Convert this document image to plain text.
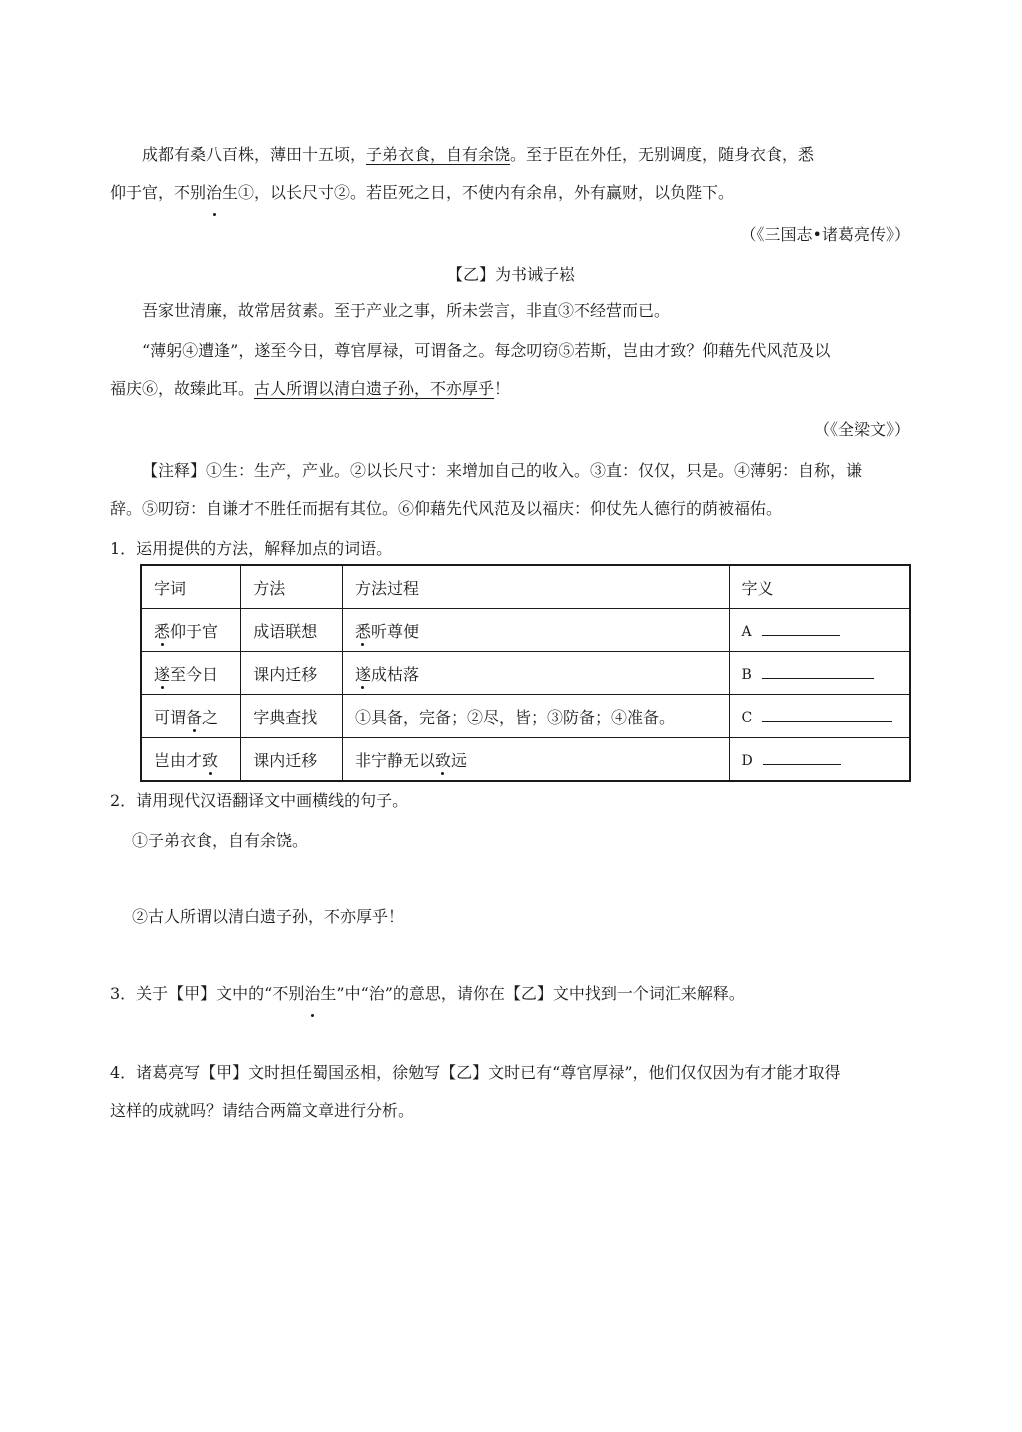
成都有桑八百株，薄田十五顷，子弟衣食，自有余饶。至于臣在外任，无别调度，随身衣食，悉

仰于官，不别治生①，以长尺寸②。若臣死之日，不使内有余帛，外有赢财，以负陛下。
（《三国志•诸葛亮传》）
【乙】为书诫子崧
吾家世清廉，故常居贫素。至于产业之事，所未尝言，非直③不经营而已。
“薄躬④遭逢”，遂至今日，尊官厚禄，可谓备之。每念叨窃⑤若斯，岂由才致？仰藉先代风范及以
福庆⑥，故臻此耳。古人所谓以清白遗子孙，不亦厚乎！
（《全梁文》）
【注释】①生：生产，产业。②以长尺寸：来增加自己的收入。③直：仅仅，只是。④薄躬：自称，谦
辞。⑤叨窃：自谦才不胜任而据有其位。⑥仰藉先代风范及以福庆：仰仗先人德行的荫被福佑。
1．运用提供的方法，解释加点的词语。
字词	方法	方法过程	字义
悉仰于官	成语联想	悉听尊便	A
遂至今日	课内迁移	遂成枯落	B
可谓备之	字典查找	①具备，完备；②尽，皆；③防备；④准备。	C
岂由才致	课内迁移	非宁静无以致远	D
2．请用现代汉语翻译文中画横线的句子。
①子弟衣食，自有余饶。
②古人所谓以清白遗子孙，不亦厚乎！
3．关于【甲】文中的“不别治生”中“治”的意思，请你在【乙】文中找到一个词汇来解释。
4．诸葛亮写【甲】文时担任蜀国丞相，徐勉写【乙】文时已有“尊官厚禄”，他们仅仅因为有才能才取得
这样的成就吗？请结合两篇文章进行分析。
